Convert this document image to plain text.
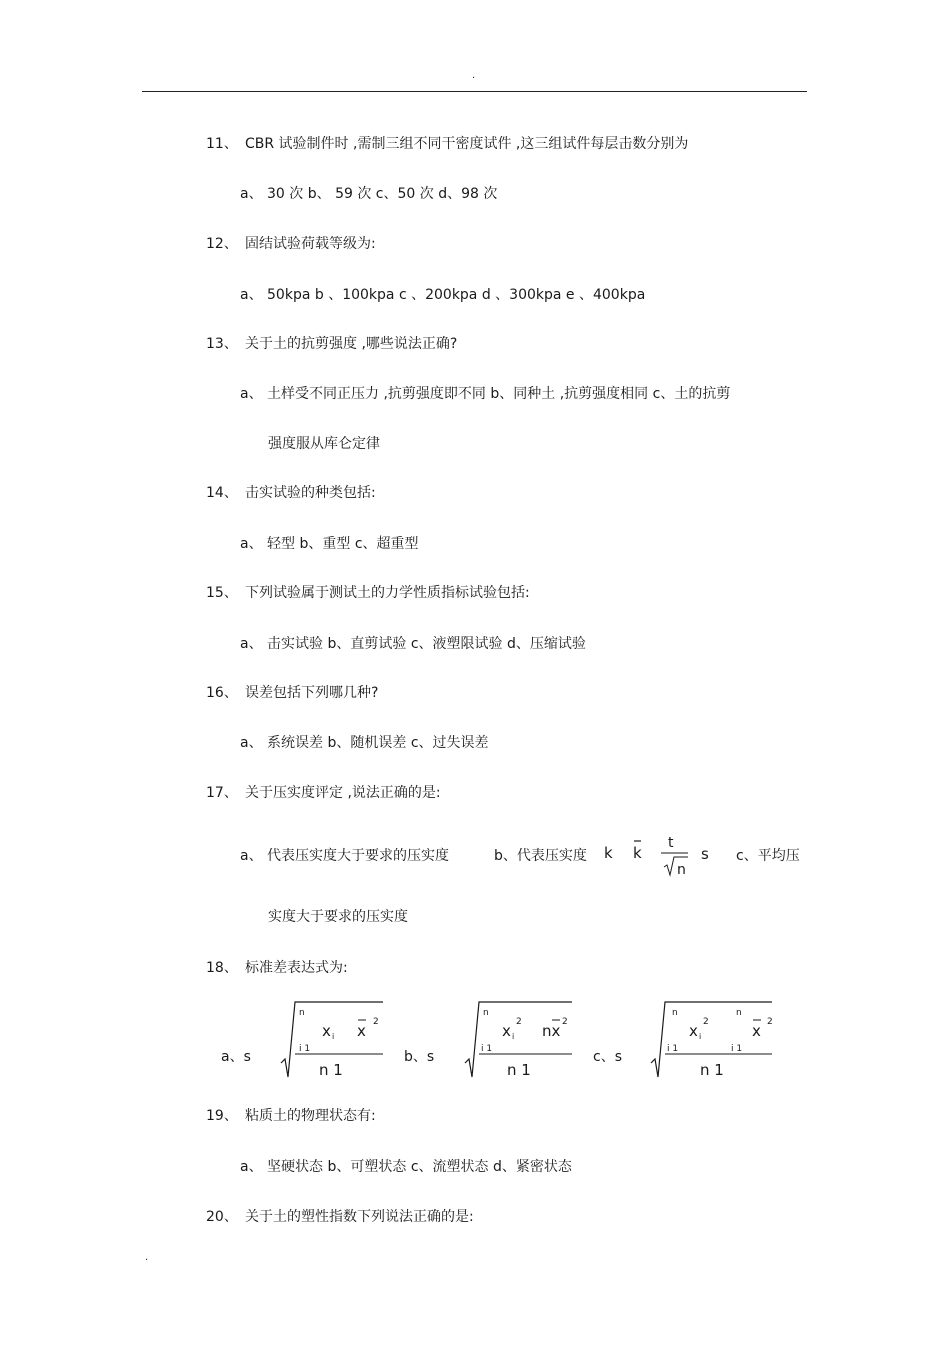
.
11、 CBR 试验制件时 ,需制三组不同干密度试件 ,这三组试件每层击数分别为
a、 30 次 b、 59 次 c、50 次 d、98 次
12、 固结试验荷载等级为:
a、 50kpa b 、100kpa c 、200kpa d 、300kpa e 、400kpa
13、 关于土的抗剪强度 ,哪些说法正确?
a、 土样受不同正压力 ,抗剪强度即不同 b、同种土 ,抗剪强度相同 c、土的抗剪
强度服从库仑定律
14、 击实试验的种类包括:
a、 轻型 b、重型 c、超重型
15、 下列试验属于测试土的力学性质指标试验包括:
a、 击实试验 b、直剪试验 c、液塑限试验 d、压缩试验
16、 误差包括下列哪几种?
a、 系统误差 b、随机误差 c、过失误差
17、 关于压实度评定 ,说法正确的是:
a、 代表压实度大于要求的压实度	b、代表压实度 k k
t
n
s c、平均压
实度大于要求的压实度
18、 标准差表达式为:
a、s
n
x i x 2
i 1
n 1
b、s
n
x i
2 nx 2
i 1
n 1
c、s
n
x i
2
n
x 2
i 1	i 1
n 1
19、 粘质土的物理状态有:
a、 坚硬状态 b、可塑状态 c、流塑状态 d、紧密状态
20、 关于土的塑性指数下列说法正确的是:
.
